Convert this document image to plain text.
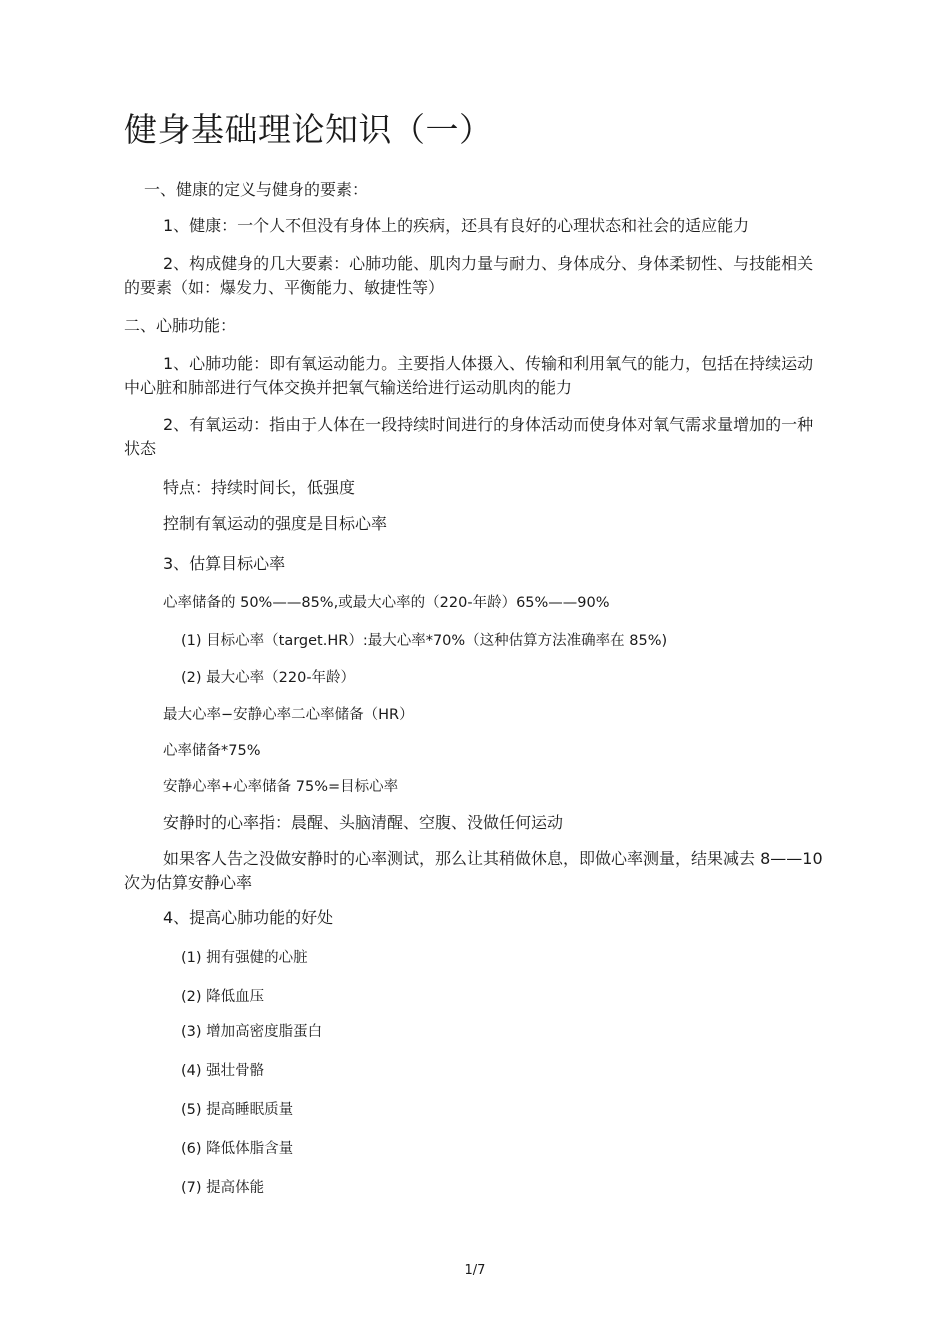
健身基础理论知识（一）
一、健康的定义与健身的要素：
1、健康：一个人不但没有身体上的疾病，还具有良好的心理状态和社会的适应能力
2、构成健身的几大要素：心肺功能、肌肉力量与耐力、身体成分、身体柔韧性、与技能相关的要素（如：爆发力、平衡能力、敏捷性等）
二、心肺功能：
1、心肺功能：即有氧运动能力。主要指人体摄入、传输和利用氧气的能力，包括在持续运动中心脏和肺部进行气体交换并把氧气输送给进行运动肌肉的能力
2、有氧运动：指由于人体在一段持续时间进行的身体活动而使身体对氧气需求量增加的一种状态
特点：持续时间长，低强度
控制有氧运动的强度是目标心率
3、估算目标心率
心率储备的 50%——85%,或最大心率的（220-年龄）65%——90%
(1) 目标心率（target.HR）:最大心率*70%（这种估算方法准确率在 85%)
(2) 最大心率（220-年龄）
最大心率−安静心率二心率储备（HR）
心率储备*75%
安静心率+心率储备 75%=目标心率
安静时的心率指：晨醒、头脑清醒、空腹、没做任何运动
如果客人告之没做安静时的心率测试，那么让其稍做休息，即做心率测量，结果减去 8——10 次为估算安静心率
4、提高心肺功能的好处
(1) 拥有强健的心脏
(2) 降低血压
(3) 增加高密度脂蛋白
(4) 强壮骨骼
(5) 提高睡眠质量
(6) 降低体脂含量
(7) 提高体能
1/7
